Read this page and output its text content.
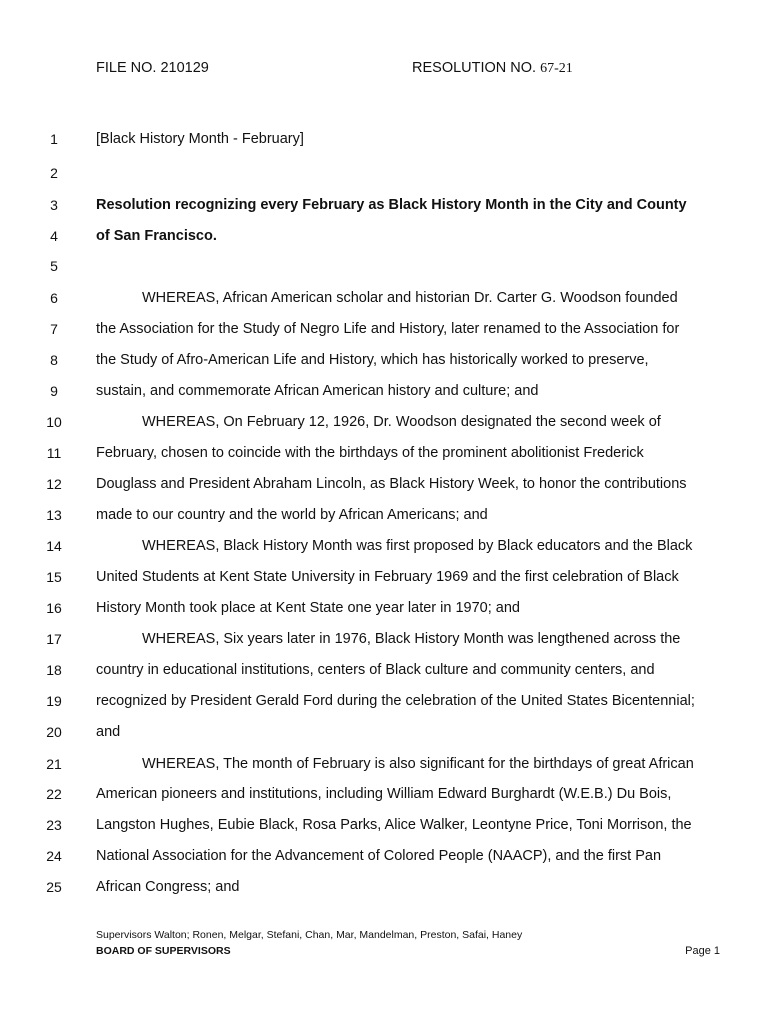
FILE NO. 210129	RESOLUTION NO. 67-21
1	[Black History Month - February]
2
3	Resolution recognizing every February as Black History Month in the City and County
4	of San Francisco.
5
6	WHEREAS, African American scholar and historian Dr. Carter G. Woodson founded
7	the Association for the Study of Negro Life and History, later renamed to the Association for
8	the Study of Afro-American Life and History, which has historically worked to preserve,
9	sustain, and commemorate African American history and culture; and
10	WHEREAS, On February 12, 1926, Dr. Woodson designated the second week of
11	February, chosen to coincide with the birthdays of the prominent abolitionist Frederick
12	Douglass and President Abraham Lincoln, as Black History Week, to honor the contributions
13	made to our country and the world by African Americans; and
14	WHEREAS, Black History Month was first proposed by Black educators and the Black
15	United Students at Kent State University in February 1969 and the first celebration of Black
16	History Month took place at Kent State one year later in 1970; and
17	WHEREAS, Six years later in 1976, Black History Month was lengthened across the
18	country in educational institutions, centers of Black culture and community centers, and
19	recognized by President Gerald Ford during the celebration of the United States Bicentennial;
20	and
21	WHEREAS, The month of February is also significant for the birthdays of great African
22	American pioneers and institutions, including William Edward Burghardt (W.E.B.) Du Bois,
23	Langston Hughes, Eubie Black, Rosa Parks, Alice Walker, Leontyne Price, Toni Morrison, the
24	National Association for the Advancement of Colored People (NAACP), and the first Pan
25	African Congress; and
Supervisors Walton; Ronen, Melgar, Stefani, Chan, Mar, Mandelman, Preston, Safai, Haney
BOARD OF SUPERVISORS	Page 1
